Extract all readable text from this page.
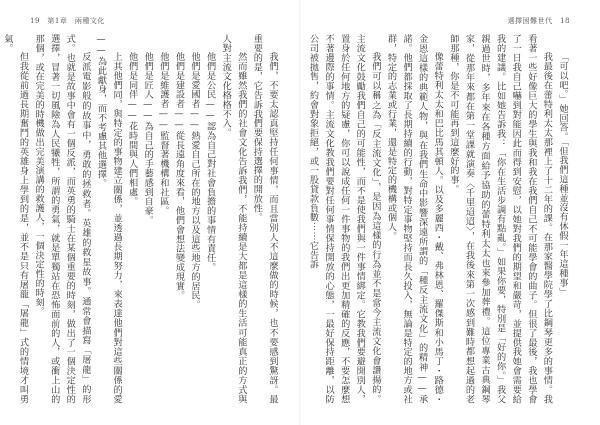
19　第1章　兩種文化	選擇困難世代　18

「可以吧。」她回答。「但我們這種並沒有休假一年這種事」

我最後在蕾特利太太那裡上了十二年的課。在那家醫學院學了比鋼琴更多的事情。我看著一些好像巨大的學生與我和我在我們自己不可能學會的曲子。但很了最後，我也學會了一日我自己嚇到對能因此而得到安慰，以她對我們的期望和嚴苛，並提供我她會需要給我的建議。比如她告訴我：「你在生活步調有點亂。」如果你要，特別是「好的你。」我父親過世時，多年來在各種方面給予協助的蕾特利太太也來參加葬禮。這位專業古典鋼琴家，從那年來都在第一堂課就演奏〈千里迢迢〉，在我後來第一次感到難時都想起過的老師那種，你是不可能再到這麼好的事。

像蕾特利太太和巴比馬其頓人。以及多麗西・戴、弗林恩、羅傑斯和小馬丁・路德・金恩這樣的典範人物，與在我們生命中影響深遠所謂的「種反主流文化」的精神——承諾。他們都採取了長期持續的行動，對特定事物堅持而長久投入，無論是特定的地方或社群，特定的志業或行業，還是特定的機構或個人。

我們可以稱之為「反主流文化」，是因為這樣的行為並不是當今主流文化會讚揚的。主流文化鼓勵我們自己的可能性，而不是使我們與一件事情綁定。它教我們要避開別人，置身於任何地方的疑慮，你可以說成任何一件事物的我們出更加精確的反應，不要怎麼想不著邊際的事情。主流文化教我們要對任何事情保持開放的心態，一最好保持距離，以防公司被拋售，約會對象拒絕，或一股貸款負數⋯⋯它告訴

我們，不要太認真堅持任何事情，而且當別人不這麼做的時候，也不要感到驚訝。最重要的是，它告訴我們要保持選擇的開放性。

然而雖然我們的社會文化告訴我們，不能持續是大都是這樣的生活可能真正的方式與人對主流文化格格不入。

他們是公民——認為自己對社會負擔的事情有責任。

他們是愛國者——熱愛自己所在的地方以及這些地方的居民。

他們是建設者——從長遠角度來看，他們會想法變成現實。

他們是維護者——監督著機構和社區。

他們是匠人——為自己的手藝感到自豪。

他們是同伴——花時間與人們相處。

上其他們同，與特定的事物建立關係，並透過長期努力，來表達他們對這些關係的愛——為此獻身，而不考慮其他選擇。

反派電影般的故事中，勇敢的拯救者。英雄的救星故事。通常會描寫「屠龍」的形式。也就是故事中會有一個反派，而英勇的騎士在某個重要的時刻，做出了一個決定性的選擇，冒著一切風險為人民犧牲，所謂的勇氣，就是單獨站在恐怖面前的人，或衝上山的那個，或在完美的時機做出完美演講的救護人，一個決定性的時刻。

但我從前過長期奮鬥的英雄身上學到的是，並不是只有屠龍「屠龍」式的情境才叫勇氣。
